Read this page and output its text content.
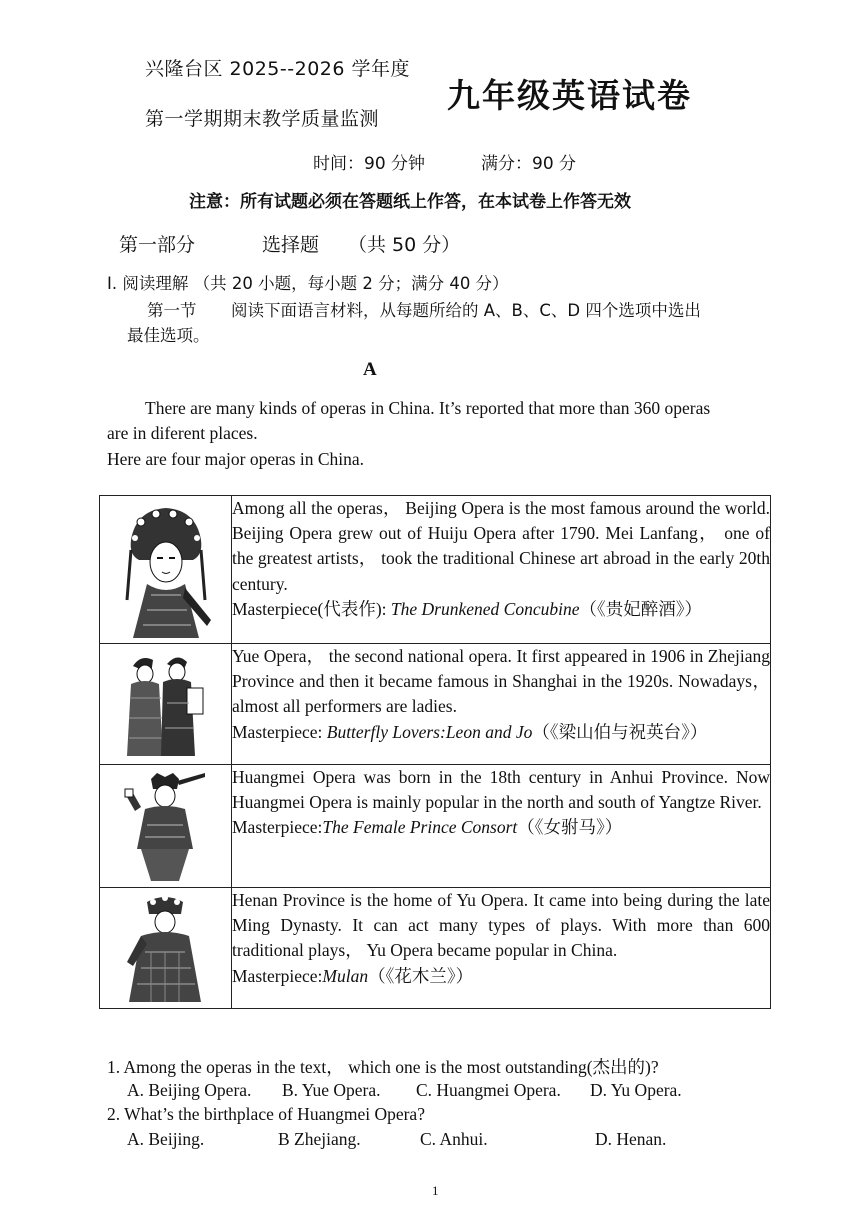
兴隆台区 2025--2026 学年度
第一学期期末教学质量监测
九年级英语试卷
时间：90 分钟	满分：90 分
注意：所有试题必须在答题纸上作答，在本试卷上作答无效
第一部分	选择题 （共 50 分）
I. 阅读理解 （共 20 小题，每小题 2 分；满分 40 分）
第一节 阅读下面语言材料，从每题所给的 A、B、C、D 四个选项中选出
最佳选项。
A
There are many kinds of operas in China. It’s reported that more than 360 operas
are in diferent places.
Here are four major operas in China.
	Among all the operas， Beijing Opera is the most famous around the world. Beijing Opera grew out of Huiju Opera after 1790. Mei Lanfang， one of the greatest artists， took the traditional Chinese art abroad in the early 20th century.
Masterpiece(代表作): The Drunkened Concubine（《贵妃醉酒》）

	Yue Opera， the second national opera. It first appeared in 1906 in Zhejiang Province and then it became famous in Shanghai in the 1920s. Nowadays， almost all performers are ladies.
Masterpiece: Butterfly Lovers:Leon and Jo（《梁山伯与祝英台》）

	Huangmei Opera was born in the 18th century in Anhui Province. Now Huangmei Opera is mainly popular in the north and south of Yangtze River.
Masterpiece:The Female Prince Consort（《女驸马》）

	Henan Province is the home of Yu Opera. It came into being during the late Ming Dynasty. It can act many types of plays. With more than 600 traditional plays， Yu Opera became popular in China.
Masterpiece:Mulan（《花木兰》）
1. Among the operas in the text， which one is the most outstanding(杰出的)?
A. Beijing Opera. B. Yue Opera. C. Huangmei Opera. D. Yu Opera.
2. What’s the birthplace of Huangmei Opera?
A. Beijing.	B Zhejiang.	C. Anhui.	D. Henan.
1
